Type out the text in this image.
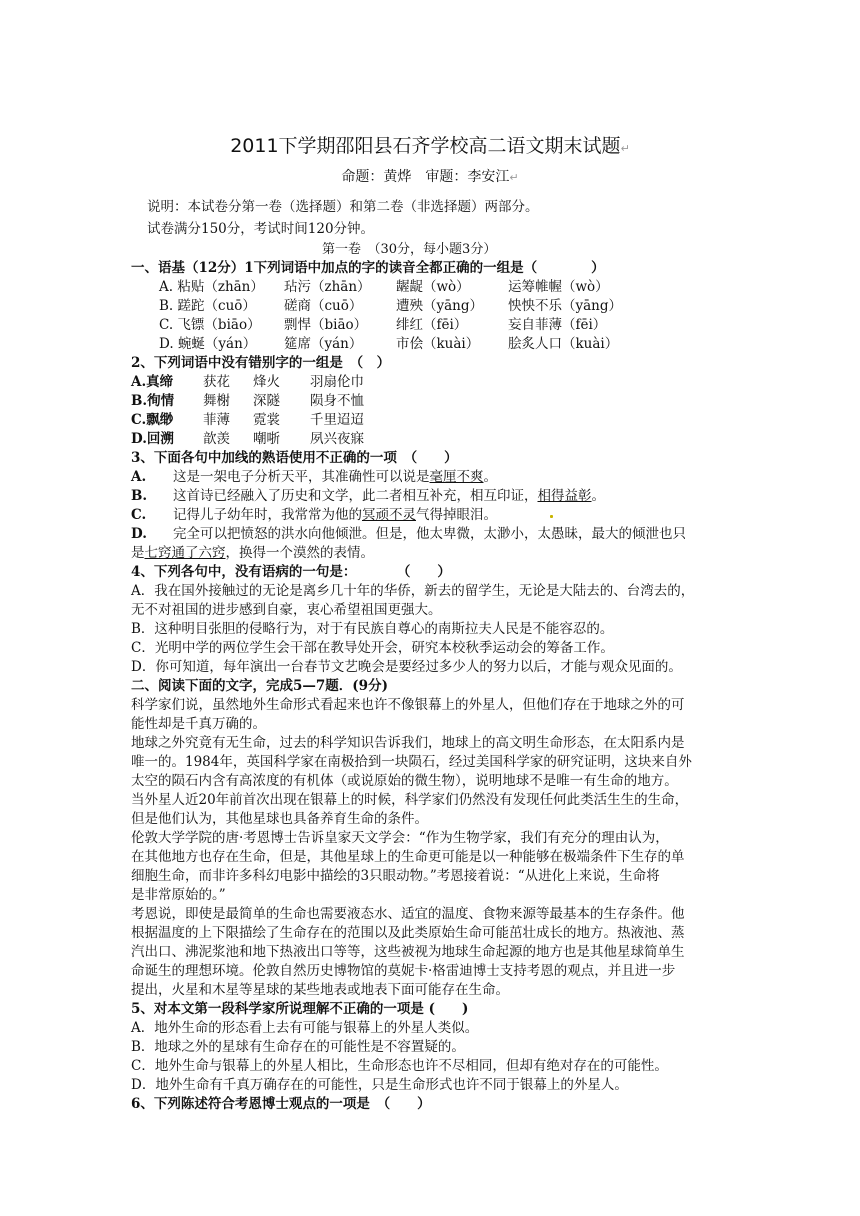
2011下学期邵阳县石齐学校高二语文期末试题↵
命题：黄烨　审题：李安江↵
说明：本试卷分第一卷（选择题）和第二卷（非选择题）两部分。
试卷满分150分，考试时间120分钟。
第一卷　（30分，每小题3分）
一、语基（12分）1下列词语中加点的字的读音全都正确的一组是（　　　　）
A. 粘贴（zhān） 玷污（zhān） 龌龊（wò）	运筹帷幄（wò）
B. 蹉跎（cuō） 磋商（cuō） 遭殃（yāng） 怏怏不乐（yāng）
C. 飞镖（biāo） 剽悍（biāo） 绯红（fēi）	妄自菲薄（fēi）
D. 蜿蜒（yán） 筵席（yán） 市侩（kuài） 脍炙人口（kuài）
2、下列词语中没有错别字的一组是　（　）
A.真缔 获花 烽火 羽扇伦巾
B.徇情 舞榭 深隧 陨身不恤
C.飘缈 菲薄 霓裳 千里迢迢
D.回溯 歆羡 嘲哳 夙兴夜寐
3、下面各句中加线的熟语使用不正确的一项　（　　）
A. 这是一架电子分析天平，其准确性可以说是毫厘不爽。
B. 这首诗已经融入了历史和文学，此二者相互补充，相互印证，相得益彰。
C. 记得儿子幼年时，我常常为他的冥顽不灵气得掉眼泪。
D. 完全可以把愤怒的洪水向他倾泄。但是，他太卑微，太渺小，太愚昧，最大的倾泄也只
是七窍通了六窍，换得一个漠然的表情。
4、下列各句中，没有语病的一句是：　　　　（　　）
A．我在国外接触过的无论是离乡几十年的华侨，新去的留学生，无论是大陆去的、台湾去的，
无不对祖国的进步感到自豪，衷心希望祖国更强大。
B．这种明目张胆的侵略行为，对于有民族自尊心的南斯拉夫人民是不能容忍的。
C．光明中学的两位学生会干部在教导处开会，研究本校秋季运动会的筹备工作。
D．你可知道，每年演出一台春节文艺晚会是要经过多少人的努力以后，才能与观众见面的。
二、阅读下面的文字，完成5—7题．(9分)
科学家们说，虽然地外生命形式看起来也许不像银幕上的外星人，但他们存在于地球之外的可
能性却是千真万确的。
地球之外究竟有无生命，过去的科学知识告诉我们，地球上的高文明生命形态，在太阳系内是
唯一的。1984年，英国科学家在南极拾到一块陨石，经过美国科学家的研究证明，这块来自外
太空的陨石内含有高浓度的有机体（或说原始的微生物），说明地球不是唯一有生命的地方。
当外星人近20年前首次出现在银幕上的时候，科学家们仍然没有发现任何此类活生生的生命，
但是他们认为，其他星球也具备养育生命的条件。
伦敦大学学院的唐·考恩博士告诉皇家天文学会：“作为生物学家，我们有充分的理由认为，
在其他地方也存在生命，但是，其他星球上的生命更可能是以一种能够在极端条件下生存的单
细胞生命，而非许多科幻电影中描绘的3只眼动物。”考恩接着说：“从进化上来说，生命将
是非常原始的。”
考恩说，即使是最简单的生命也需要液态水、适宜的温度、食物来源等最基本的生存条件。他
根据温度的上下限描绘了生命存在的范围以及此类原始生命可能茁壮成长的地方。热液池、蒸
汽出口、沸泥浆池和地下热液出口等等，这些被视为地球生命起源的地方也是其他星球简单生
命诞生的理想环境。伦敦自然历史博物馆的莫妮卡·格雷迪博士支持考恩的观点，并且进一步
提出，火星和木星等星球的某些地表或地表下面可能存在生命。
5、对本文第一段科学家所说理解不正确的一项是 (　　)
A．地外生命的形态看上去有可能与银幕上的外星人类似。
B．地球之外的星球有生命存在的可能性是不容置疑的。
C．地外生命与银幕上的外星人相比，生命形态也许不尽相同，但却有绝对存在的可能性。
D．地外生命有千真万确存在的可能性，只是生命形式也许不同于银幕上的外星人。
6、下列陈述符合考恩博士观点的一项是　（　　）
